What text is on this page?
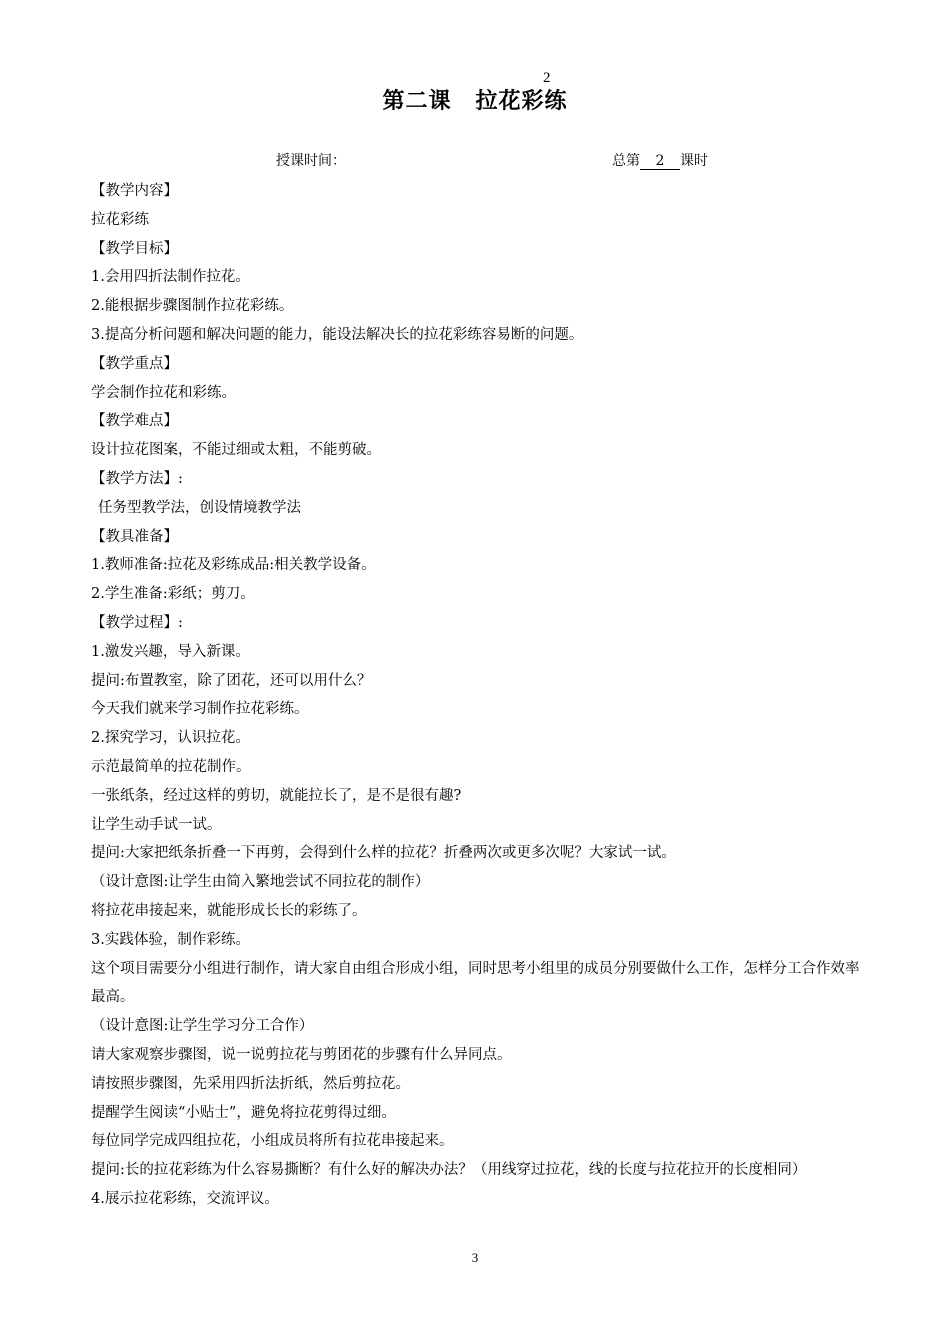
2
第二课 拉花彩练
授课时间：	总第 2 课时

【教学内容】

拉花彩练

【教学目标】

1.会用四折法制作拉花。

2.能根据步骤图制作拉花彩练。

3.提高分析问题和解决问题的能力，能设法解决长的拉花彩练容易断的问题。

【教学重点】

学会制作拉花和彩练。

【教学难点】

设计拉花图案，不能过细或太粗，不能剪破。

【教学方法】:

任务型教学法，创设情境教学法

【教具准备】

1.教师准备:拉花及彩练成品:相关教学设备。

2.学生准备:彩纸；剪刀。

【教学过程】:

1.激发兴趣，导入新课。

提问:布置教室，除了团花，还可以用什么？

今天我们就来学习制作拉花彩练。

2.探究学习，认识拉花。

示范最简单的拉花制作。

一张纸条，经过这样的剪切，就能拉长了，是不是很有趣?

让学生动手试一试。

提问:大家把纸条折叠一下再剪，会得到什么样的拉花？折叠两次或更多次呢？大家试一试。

（设计意图:让学生由简入繁地尝试不同拉花的制作）

将拉花串接起来，就能形成长长的彩练了。

3.实践体验，制作彩练。

这个项目需要分小组进行制作，请大家自由组合形成小组，同时思考小组里的成员分别要做什么工作，怎样分工合作效率最高。

（设计意图:让学生学习分工合作）

请大家观察步骤图，说一说剪拉花与剪团花的步骤有什么异同点。

请按照步骤图，先采用四折法折纸，然后剪拉花。

提醒学生阅读“小贴士”，避免将拉花剪得过细。

每位同学完成四组拉花，小组成员将所有拉花串接起来。

提问:长的拉花彩练为什么容易撕断？有什么好的解决办法？（用线穿过拉花，线的长度与拉花拉开的长度相同）

4.展示拉花彩练，交流评议。

3
